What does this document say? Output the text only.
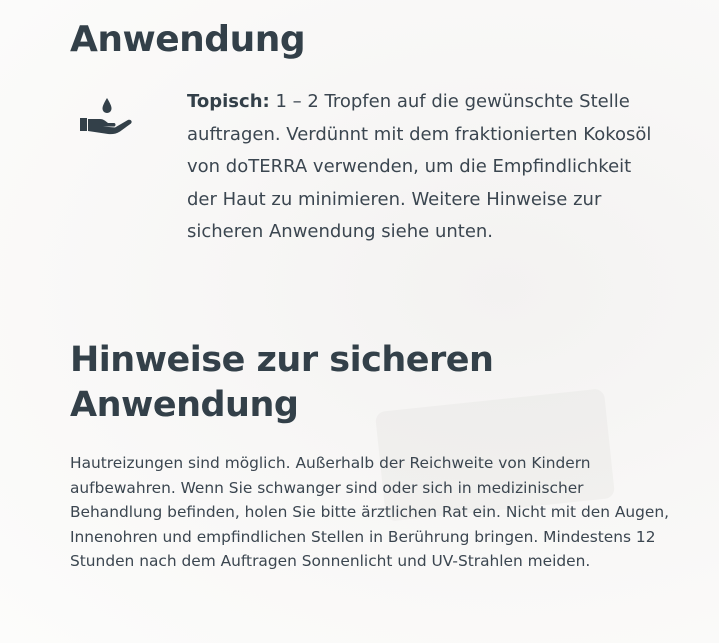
Anwendung

Topisch: 1 – 2 Tropfen auf die gewünschte Stelle auftragen. Verdünnt mit dem fraktionierten Kokosöl von doTERRA verwenden, um die Empfindlichkeit der Haut zu minimieren. Weitere Hinweise zur sicheren Anwendung siehe unten.

Hinweise zur sicheren Anwendung

Hautreizungen sind möglich. Außerhalb der Reichweite von Kindern aufbewahren. Wenn Sie schwanger sind oder sich in medizinischer Behandlung befinden, holen Sie bitte ärztlichen Rat ein. Nicht mit den Augen, Innenohren und empfindlichen Stellen in Berührung bringen. Mindestens 12 Stunden nach dem Auftragen Sonnenlicht und UV-Strahlen meiden.
